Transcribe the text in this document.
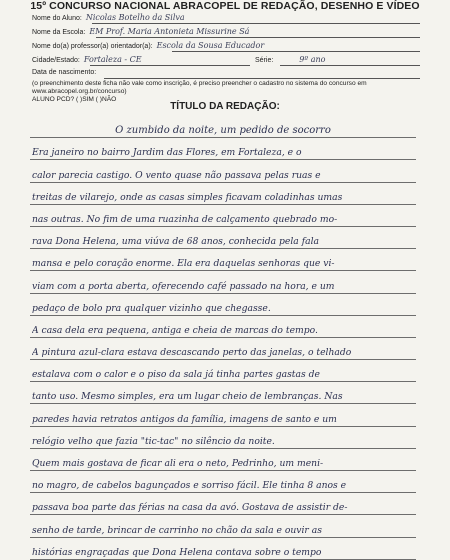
15º CONCURSO NACIONAL ABRACOPEL DE REDAÇÃO, DESENHO E VÍDEO
Nome do Aluno: Nicolas Botelho da Silva
Nome da Escola: EM Prof. Maria Antonieta Missurine Sá
Nome do(a) professor(a) orientador(a): Escola da Sousa Educador
Cidade/Estado: Fortaleza - CE	Série:	9º ano
Data de nascimento:
(o preenchimento deste ficha não vale como inscrição, é preciso preencher o cadastro no sistema do concurso em
www.abracopel.org.br/concurso)
ALUNO PCD? ( )SIM ( )NÃO
TÍTULO DA REDAÇÃO:
O zumbido da noite, um pedido de socorro
Era janeiro no bairro Jardim das Flores, em Fortaleza, e o
calor parecia castigo. O vento quase não passava pelas ruas e
treitas de vilarejo, onde as casas simples ficavam coladinhas umas
nas outras. No fim de uma ruazinha de calçamento quebrado mo-
rava Dona Helena, uma viúva de 68 anos, conhecida pela fala
mansa e pelo coração enorme. Ela era daquelas senhoras que vi-
viam com a porta aberta, oferecendo café passado na hora, e um
pedaço de bolo pra qualquer vizinho que chegasse.
A casa dela era pequena, antiga e cheia de marcas do tempo.
A pintura azul-clara estava descascando perto das janelas, o telhado
estalava com o calor e o piso da sala já tinha partes gastas de
tanto uso. Mesmo simples, era um lugar cheio de lembranças. Nas
paredes havia retratos antigos da família, imagens de santo e um
relógio velho que fazia "tic-tac" no silêncio da noite.
Quem mais gostava de ficar ali era o neto, Pedrinho, um meni-
no magro, de cabelos bagunçados e sorriso fácil. Ele tinha 8 anos e
passava boa parte das férias na casa da avó. Gostava de assistir de-
senho de tarde, brincar de carrinho no chão da sala e ouvir as
histórias engraçadas que Dona Helena contava sobre o tempo
